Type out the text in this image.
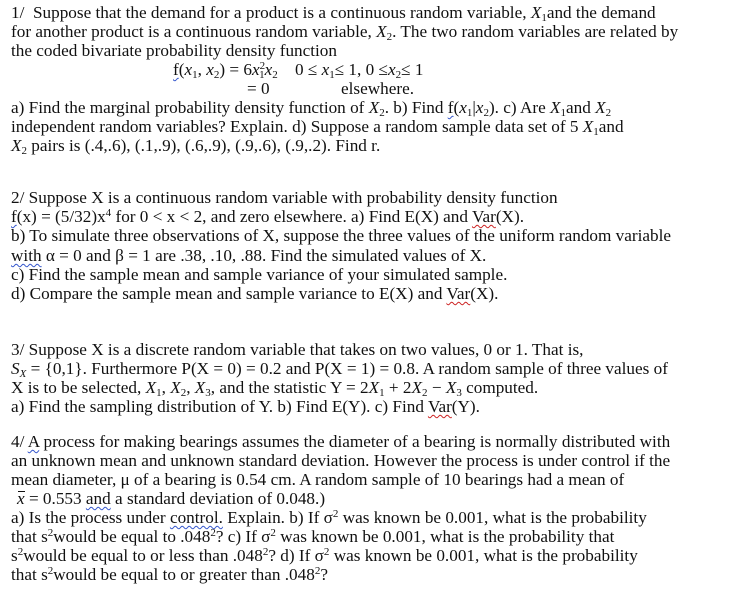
1/ Suppose that the demand for a product is a continuous random variable, $X_1and$ the demand
for another product is a continuous random variable, $X_2$. The two random variables are related by
the coded bivariate probability density function
$f(x_1$, $x_2) = 6x^2_1x_2$ $0 \le x_1\le 1$, $0 \le x_2\le 1$
= 0	elsewhere.
a) Find the marginal probability density function of $X_2$. b) Find $f(x_1|x_2)$. c) Are $X_1and$ $X_2$
independent random variables? Explain. d) Suppose a random sample data set of 5 $X_1and$
$X_2$ pairs is (.4,.6), (.1,.9), (.6,.9), (.9,.6), (.9,.2). Find r.
2/ Suppose X is a continuous random variable with probability density function
$f(x) = (5/32)x^4$ for 0 < x < 2, and zero elsewhere. a) Find E(X) and Var(X).
b) To simulate three observations of X, suppose the three values of the uniform random variable
with α = 0 and β = 1 are .38, .10, .88. Find the simulated values of X.
c) Find the sample mean and sample variance of your simulated sample.
d) Compare the sample mean and sample variance to E(X) and Var(X).
3/ Suppose X is a discrete random variable that takes on two values, 0 or 1. That is,
$S_X = \{0,1\}$. Furthermore P(X = 0) = 0.2 and P(X = 1) = 0.8. A random sample of three values of
X is to be selected, $X_1$, $X_2$, $X_3$, and the statistic $Y = 2X_1 + 2X_2 - X_3$ computed.
a) Find the sampling distribution of Y. b) Find E(Y). c) Find Var(Y).
4/ A process for making bearings assumes the diameter of a bearing is normally distributed with
an unknown mean and unknown standard deviation. However the process is under control if the
mean diameter, μ of a bearing is 0.54 cm. A random sample of 10 bearings had a mean of
x = 0.553 and a standard deviation of 0.048.)
a) Is the process under control. Explain. b) If $\sigma^2$ was known be 0.001, what is the probability
that $s^2would$ be equal to .048$^2$? c) If $\sigma^2$ was known be 0.001, what is the probability that
$s^2would$ be equal to or less than .048$^2$? d) If $\sigma^2$ was known be 0.001, what is the probability
that $s^2would$ be equal to or greater than .048$^2$?
